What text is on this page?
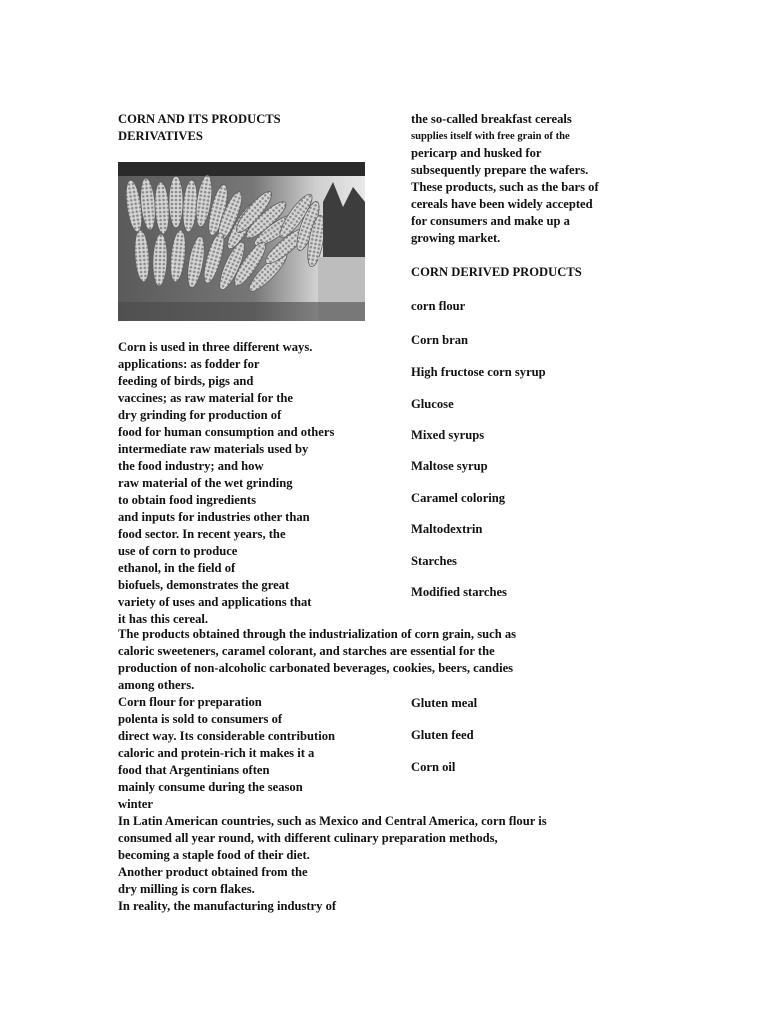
CORN AND ITS PRODUCTS
DERIVATIVES
Corn is used in three different ways.
applications: as fodder for
feeding of birds, pigs and
vaccines; as raw material for the
dry grinding for production of
food for human consumption and others
intermediate raw materials used by
the food industry; and how
raw material of the wet grinding
to obtain food ingredients
and inputs for industries other than
food sector. In recent years, the
use of corn to produce
ethanol, in the field of
biofuels, demonstrates the great
variety of uses and applications that
it has this cereal.
The products obtained through the industrialization of corn grain, such as
caloric sweeteners, caramel colorant, and starches are essential for the
production of non-alcoholic carbonated beverages, cookies, beers, candies
among others.
Corn flour for preparation
polenta is sold to consumers of
direct way. Its considerable contribution
caloric and protein-rich it makes it a
food that Argentinians often
mainly consume during the season
winter
In Latin American countries, such as Mexico and Central America, corn flour is
consumed all year round, with different culinary preparation methods,
becoming a staple food of their diet.
Another product obtained from the
dry milling is corn flakes.
In reality, the manufacturing industry of
the so-called breakfast cereals
supplies itself with free grain of the
pericarp and husked for
subsequently prepare the wafers.
These products, such as the bars of
cereals have been widely accepted
for consumers and make up a
growing market.
CORN DERIVED PRODUCTS
corn flour
Corn bran
High fructose corn syrup
Glucose
Mixed syrups
Maltose syrup
Caramel coloring
Maltodextrin
Starches
Modified starches
Gluten meal
Gluten feed
Corn oil
